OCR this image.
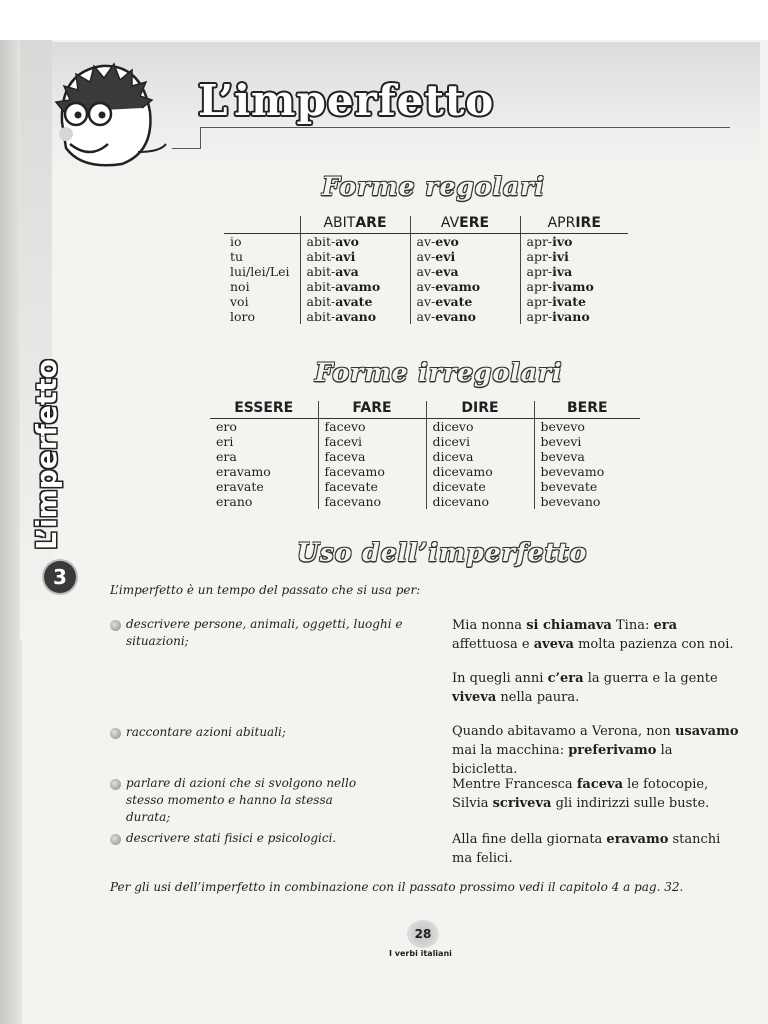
L’imperfetto
L’imperfetto
3
Forme regolari
	ABITARE	AVERE	APRIRE
io	abit-avo	av-evo	apr-ivo
tu	abit-avi	av-evi	apr-ivi
lui/lei/Lei	abit-ava	av-eva	apr-iva
noi	abit-avamo	av-evamo	apr-ivamo
voi	abit-avate	av-evate	apr-ivate
loro	abit-avano	av-evano	apr-ivano
Forme irregolari
ESSERE	FARE	DIRE	BERE
ero	facevo	dicevo	bevevo
eri	facevi	dicevi	bevevi
era	faceva	diceva	beveva
eravamo	facevamo	dicevamo	bevevamo
eravate	facevate	dicevate	bevevate
erano	facevano	dicevano	bevevano
Uso dell’imperfetto
L’imperfetto è un tempo del passato che si usa per:
descrivere persone, animali, oggetti, luoghi e situazioni;
Mia nonna si chiamava Tina: era affettuosa e aveva molta pazienza con noi.
In quegli anni c’era la guerra e la gente viveva nella paura.
raccontare azioni abituali;	Quando abitavamo a Verona, non usavamo mai la macchina: preferivamo la bicicletta.
parlare di azioni che si svolgono nello stesso momento e hanno la stessa durata;
Mentre Francesca faceva le fotocopie, Silvia scriveva gli indirizzi sulle buste.
descrivere stati fisici e psicologici.	Alla fine della giornata eravamo stanchi ma felici.
Per gli usi dell’imperfetto in combinazione con il passato prossimo vedi il capitolo 4 a pag. 32.
28
I verbi italiani
